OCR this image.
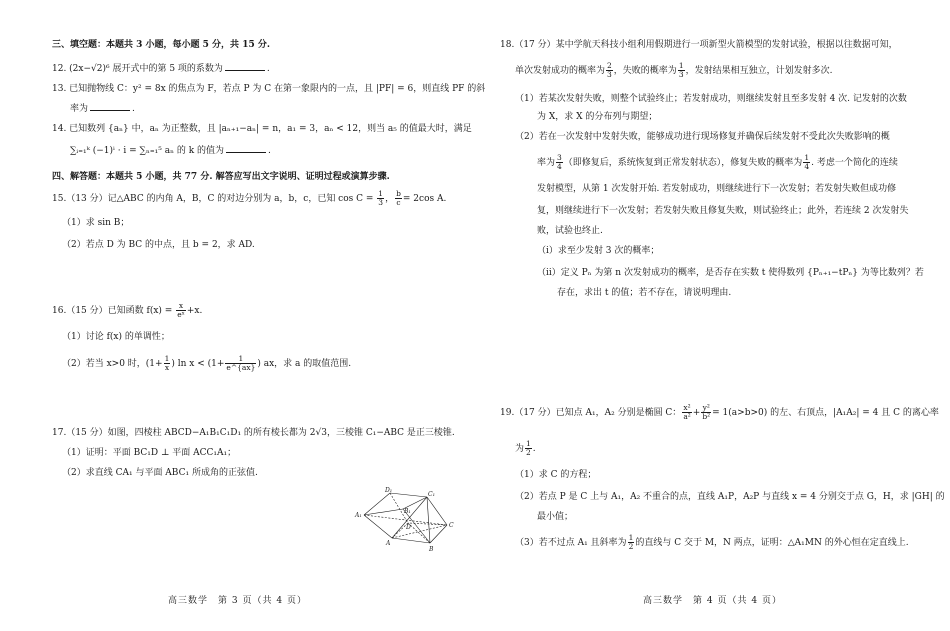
三、填空题：本题共 3 小题，每小题 5 分，共 15 分.
12. (2x−√2)⁶ 展开式中的第 5 项的系数为	.
13. 已知抛物线 C：y² = 8x 的焦点为 F，若点 P 为 C 在第一象限内的一点，且 |PF| = 6，则直线 PF 的斜
率为	.
14. 已知数列 {aₙ} 中，aₙ 为正整数，且 |aₙ₊₁−aₙ| = n，a₁ = 3，aₙ < 12，则当 a₅ 的值最大时，满足
∑ᵢ₌₁ᵏ (−1)ⁱ · i = ∑ₙ₌₁⁵ aₙ 的 k 的值为	.
四、解答题：本题共 5 小题，共 77 分. 解答应写出文字说明、证明过程或演算步骤.
15.（13 分）记△ABC 的内角 A，B，C 的对边分别为 a，b，c，已知 $\cos C = \frac{1}{3}$ ， $\frac{b}{c} = 2\cos$ A.
（1）求 sin B；
（2）若点 D 为 BC 的中点，且 b = 2，求 AD.
16.（15 分）已知函数 $f(x) = \frac{x}{\text{eˣ}} +x$.
（1）讨论 f(x) 的单调性；
（2）若当 x>0 时，($1+ \frac{1}{x}$ ) $\ln x < (1+ \frac{1}{e\^{}\{ax\}}$ ) ax，求 a 的取值范围.
17.（15 分）如图，四棱柱 ABCD−A₁B₁C₁D₁ 的所有棱长都为 2√3，三棱锥 C₁−ABC 是正三棱锥.
（1）证明：平面 BC₁D ⊥ 平面 ACC₁A₁；
（2）求直线 CA₁ 与平面 ABC₁ 所成角的正弦值.
D₁
C₁
A₁
B₁
D	C
A
B
高三数学　第 3 页（共 4 页）
18.（17 分）某中学航天科技小组利用假期进行一项新型火箭模型的发射试验，根据以往数据可知，
单次发射成功的概率为 $\frac{2}{3}$ ，失败的概率为 $\frac{1}{3}$ ，发射结果相互独立，计划发射多次.
（1）若某次发射失败，则整个试验终止；若发射成功，则继续发射且至多发射 4 次. 记发射的次数
为 X，求 X 的分布列与期望；
（2）若在一次发射中发射失败，能够成功进行现场修复并确保后续发射不受此次失败影响的概
率为 $\frac{3}{4}$ （即修复后，系统恢复到正常发射状态），修复失败的概率为 $\frac{1}{4}$ . 考虑一个简化的连续
发射模型，从第 1 次发射开始. 若发射成功，则继续进行下一次发射；若发射失败但成功修
复，则继续进行下一次发射；若发射失败且修复失败，则试验终止；此外，若连续 2 次发射失
败，试验也终止.
（i）求至少发射 3 次的概率；
（ii）定义 Pₙ 为第 n 次发射成功的概率，是否存在实数 t 使得数列 {Pₙ₊₁−tPₙ} 为等比数列？若
存在，求出 t 的值；若不存在，请说明理由.
19.（17 分）已知点 A₁，A₂ 分别是椭圆 C： $\frac{\text{x²}}{\text{a²}} + \frac{\text{y²}}{\text{b²}} = 1(a>b>0)$ 的左、右顶点，|A₁A₂| = 4 且 C 的离心率
为 $\frac{1}{2}$ .
（1）求 C 的方程；
（2）若点 P 是 C 上与 A₁，A₂ 不重合的点，直线 A₁P，A₂P 与直线 x = 4 分别交于点 G，H，求 |GH| 的
最小值；
（3）若不过点 A₁ 且斜率为 $\frac{1}{2}$ 的直线与 C 交于 M，N 两点，证明：△A₁MN 的外心恒在定直线上.
高三数学　第 4 页（共 4 页）
